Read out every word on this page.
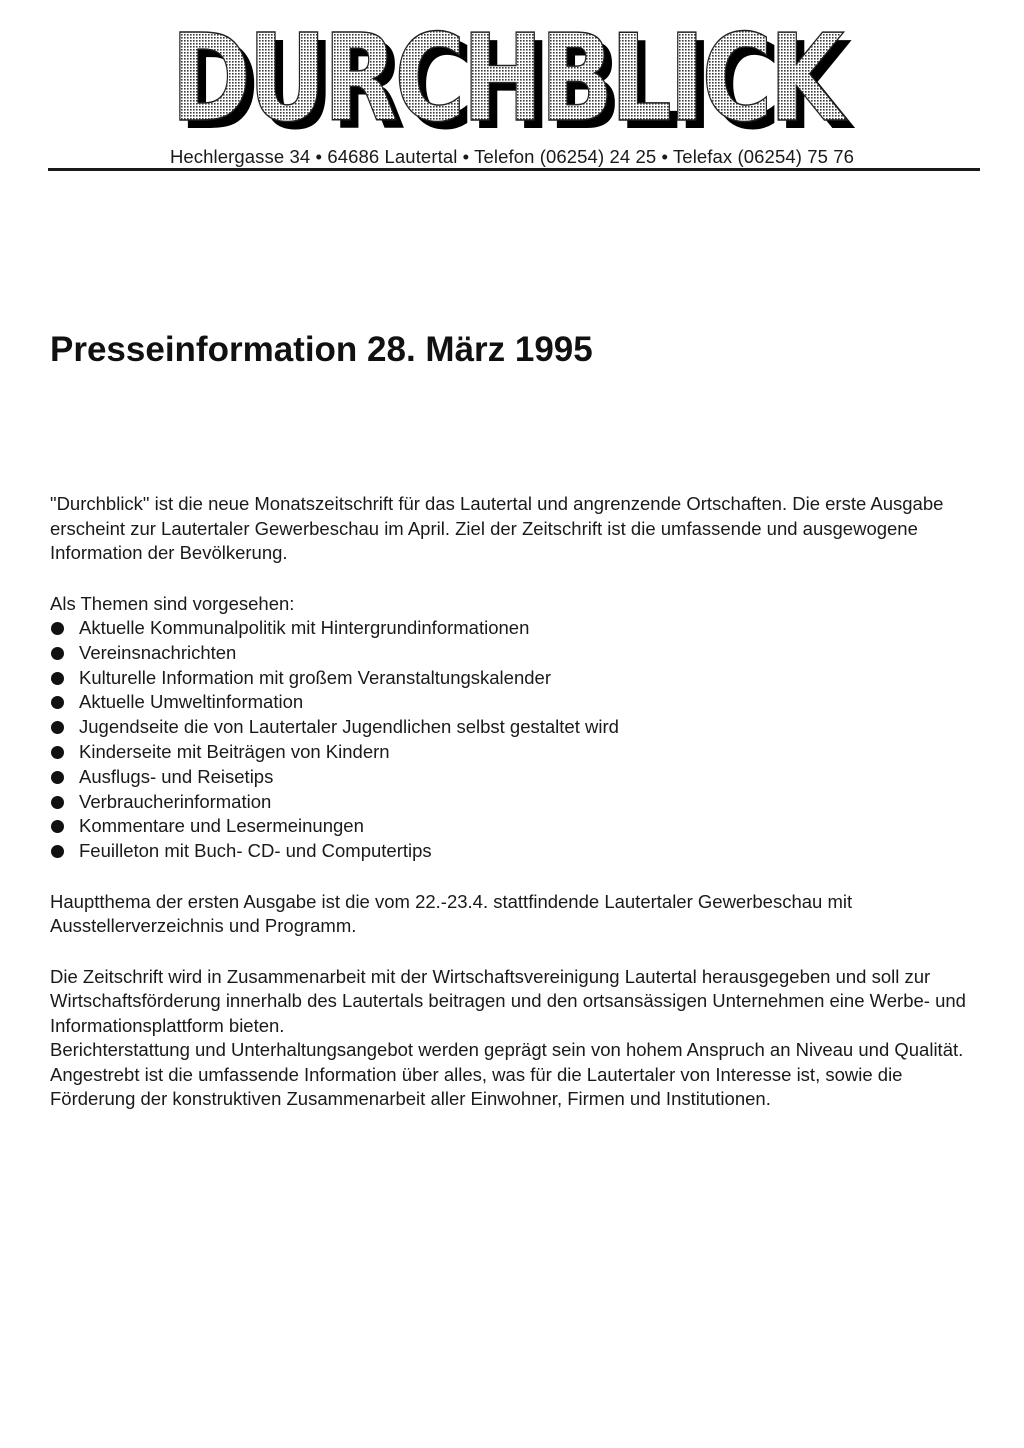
DURCHBLICK
DURCHBLICK
Hechlergasse 34 • 64686 Lautertal • Telefon (06254) 24 25 • Telefax (06254) 75 76
Presseinformation 28. März 1995

"Durchblick" ist die neue Monatszeitschrift für das Lautertal und angrenzende Ortschaften. Die erste Ausgabe erscheint zur Lautertaler Gewerbeschau im April. Ziel der Zeitschrift ist die umfassende und ausgewogene Information der Bevölkerung.

Als Themen sind vorgesehen:

Aktuelle Kommunalpolitik mit Hintergrundinformationen
Vereinsnachrichten
Kulturelle Information mit großem Veranstaltungskalender
Aktuelle Umweltinformation
Jugendseite die von Lautertaler Jugendlichen selbst gestaltet wird
Kinderseite mit Beiträgen von Kindern
Ausflugs- und Reisetips
Verbraucherinformation
Kommentare und Lesermeinungen
Feuilleton mit Buch- CD- und Computertips

Hauptthema der ersten Ausgabe ist die vom 22.-23.4. stattfindende Lautertaler Gewerbeschau mit Ausstellerverzeichnis und Programm.

Die Zeitschrift wird in Zusammenarbeit mit der Wirtschaftsvereinigung Lautertal herausgegeben und soll zur Wirtschaftsförderung innerhalb des Lautertals beitragen und den ortsansässigen Unternehmen eine Werbe- und Informationsplattform bieten.

Berichterstattung und Unterhaltungsangebot werden geprägt sein von hohem Anspruch an Niveau und Qualität. Angestrebt ist die umfassende Information über alles, was für die Lautertaler von Interesse ist, sowie die Förderung der konstruktiven Zusammenarbeit aller Einwohner, Firmen und Institutionen.
